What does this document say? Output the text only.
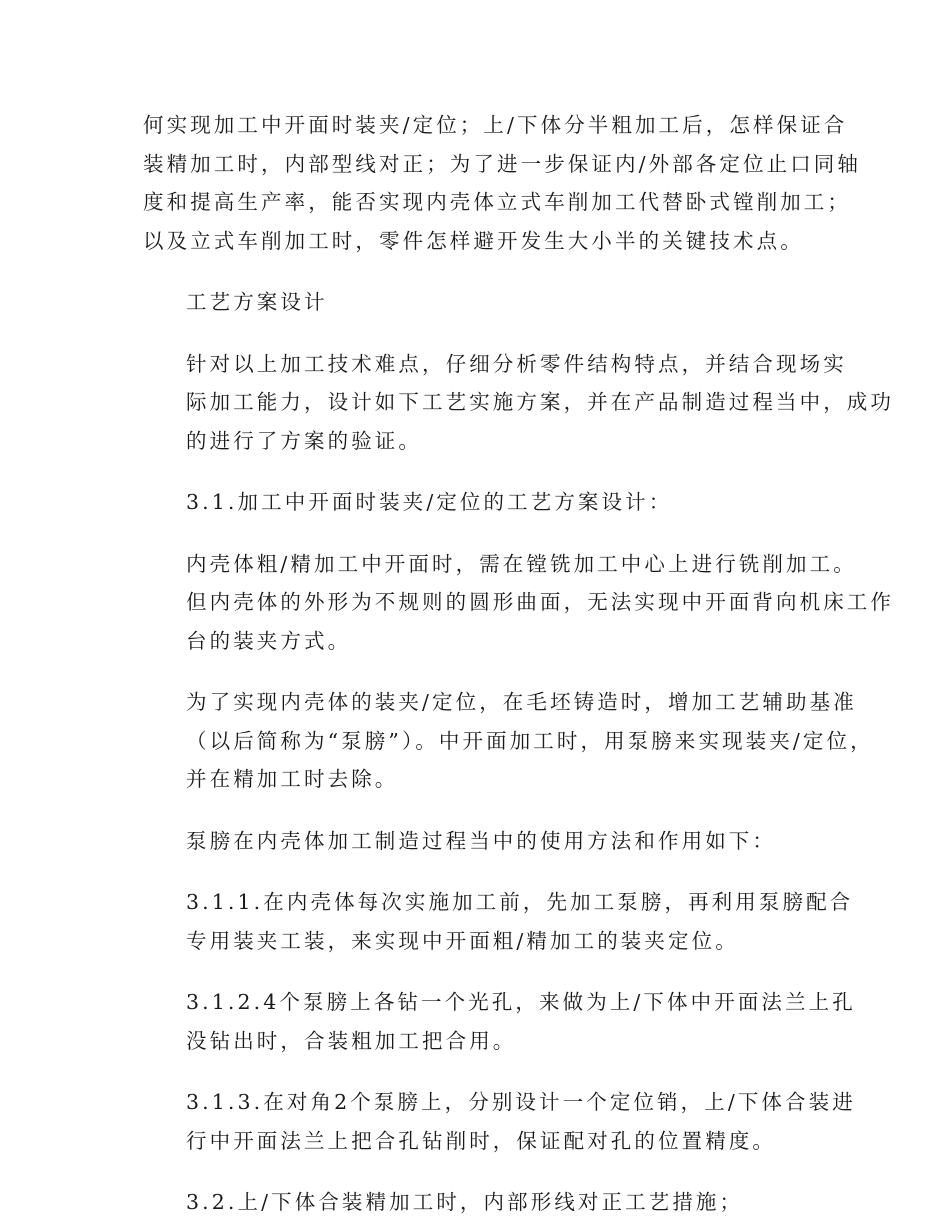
何实现加工中开面时装夹/定位；上/下体分半粗加工后，怎样保证合
装精加工时，内部型线对正；为了进一步保证内/外部各定位止口同轴
度和提高生产率，能否实现内壳体立式车削加工代替卧式镗削加工；
以及立式车削加工时，零件怎样避开发生大小半的关键技术点。
工艺方案设计
针对以上加工技术难点，仔细分析零件结构特点，并结合现场实
际加工能力，设计如下工艺实施方案，并在产品制造过程当中，成功
的进行了方案的验证。
3.1.加工中开面时装夹/定位的工艺方案设计：
内壳体粗/精加工中开面时，需在镗铣加工中心上进行铣削加工。
但内壳体的外形为不规则的圆形曲面，无法实现中开面背向机床工作
台的装夹方式。
为了实现内壳体的装夹/定位，在毛坯铸造时，增加工艺辅助基准
（以后简称为“泵膀”）。中开面加工时，用泵膀来实现装夹/定位，
并在精加工时去除。
泵膀在内壳体加工制造过程当中的使用方法和作用如下：
3.1.1.在内壳体每次实施加工前，先加工泵膀，再利用泵膀配合
专用装夹工装，来实现中开面粗/精加工的装夹定位。
3.1.2.4个泵膀上各钻一个光孔，来做为上/下体中开面法兰上孔
没钻出时，合装粗加工把合用。
3.1.3.在对角2个泵膀上，分别设计一个定位销，上/下体合装进
行中开面法兰上把合孔钻削时，保证配对孔的位置精度。
3.2.上/下体合装精加工时，内部形线对正工艺措施；
